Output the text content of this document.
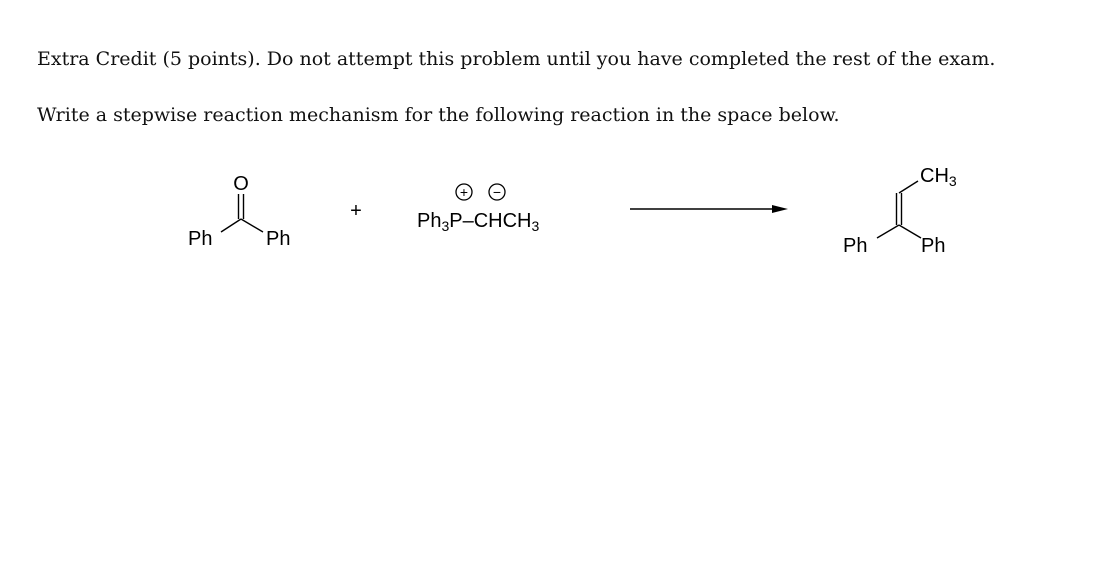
Extra Credit (5 points). Do not attempt this problem until you have completed the rest of the exam.

Write a stepwise reaction mechanism for the following reaction in the space below.

O
Ph	Ph
+
+ −
$Ph_3P-CHCH_3$
$CH_3$
Ph	Ph
